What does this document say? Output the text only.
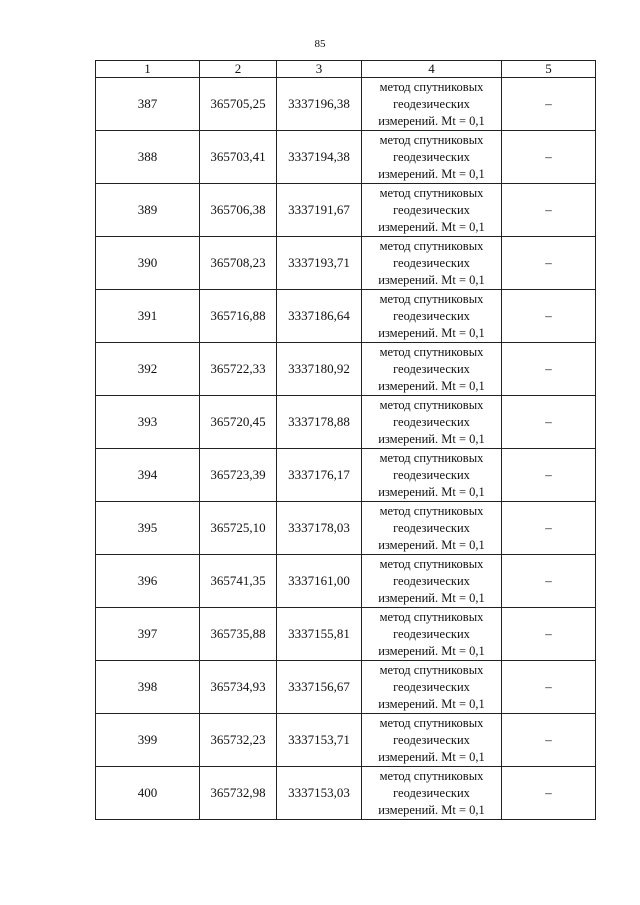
85
1	2	3	4	5
387	365705,25	3337196,38	метод спутниковых
геодезических
измерений. Mt = 0,1	–
388	365703,41	3337194,38	метод спутниковых
геодезических
измерений. Mt = 0,1	–
389	365706,38	3337191,67	метод спутниковых
геодезических
измерений. Mt = 0,1	–
390	365708,23	3337193,71	метод спутниковых
геодезических
измерений. Mt = 0,1	–
391	365716,88	3337186,64	метод спутниковых
геодезических
измерений. Mt = 0,1	–
392	365722,33	3337180,92	метод спутниковых
геодезических
измерений. Mt = 0,1	–
393	365720,45	3337178,88	метод спутниковых
геодезических
измерений. Mt = 0,1	–
394	365723,39	3337176,17	метод спутниковых
геодезических
измерений. Mt = 0,1	–
395	365725,10	3337178,03	метод спутниковых
геодезических
измерений. Mt = 0,1	–
396	365741,35	3337161,00	метод спутниковых
геодезических
измерений. Mt = 0,1	–
397	365735,88	3337155,81	метод спутниковых
геодезических
измерений. Mt = 0,1	–
398	365734,93	3337156,67	метод спутниковых
геодезических
измерений. Mt = 0,1	–
399	365732,23	3337153,71	метод спутниковых
геодезических
измерений. Mt = 0,1	–
400	365732,98	3337153,03	метод спутниковых
геодезических
измерений. Mt = 0,1	–
